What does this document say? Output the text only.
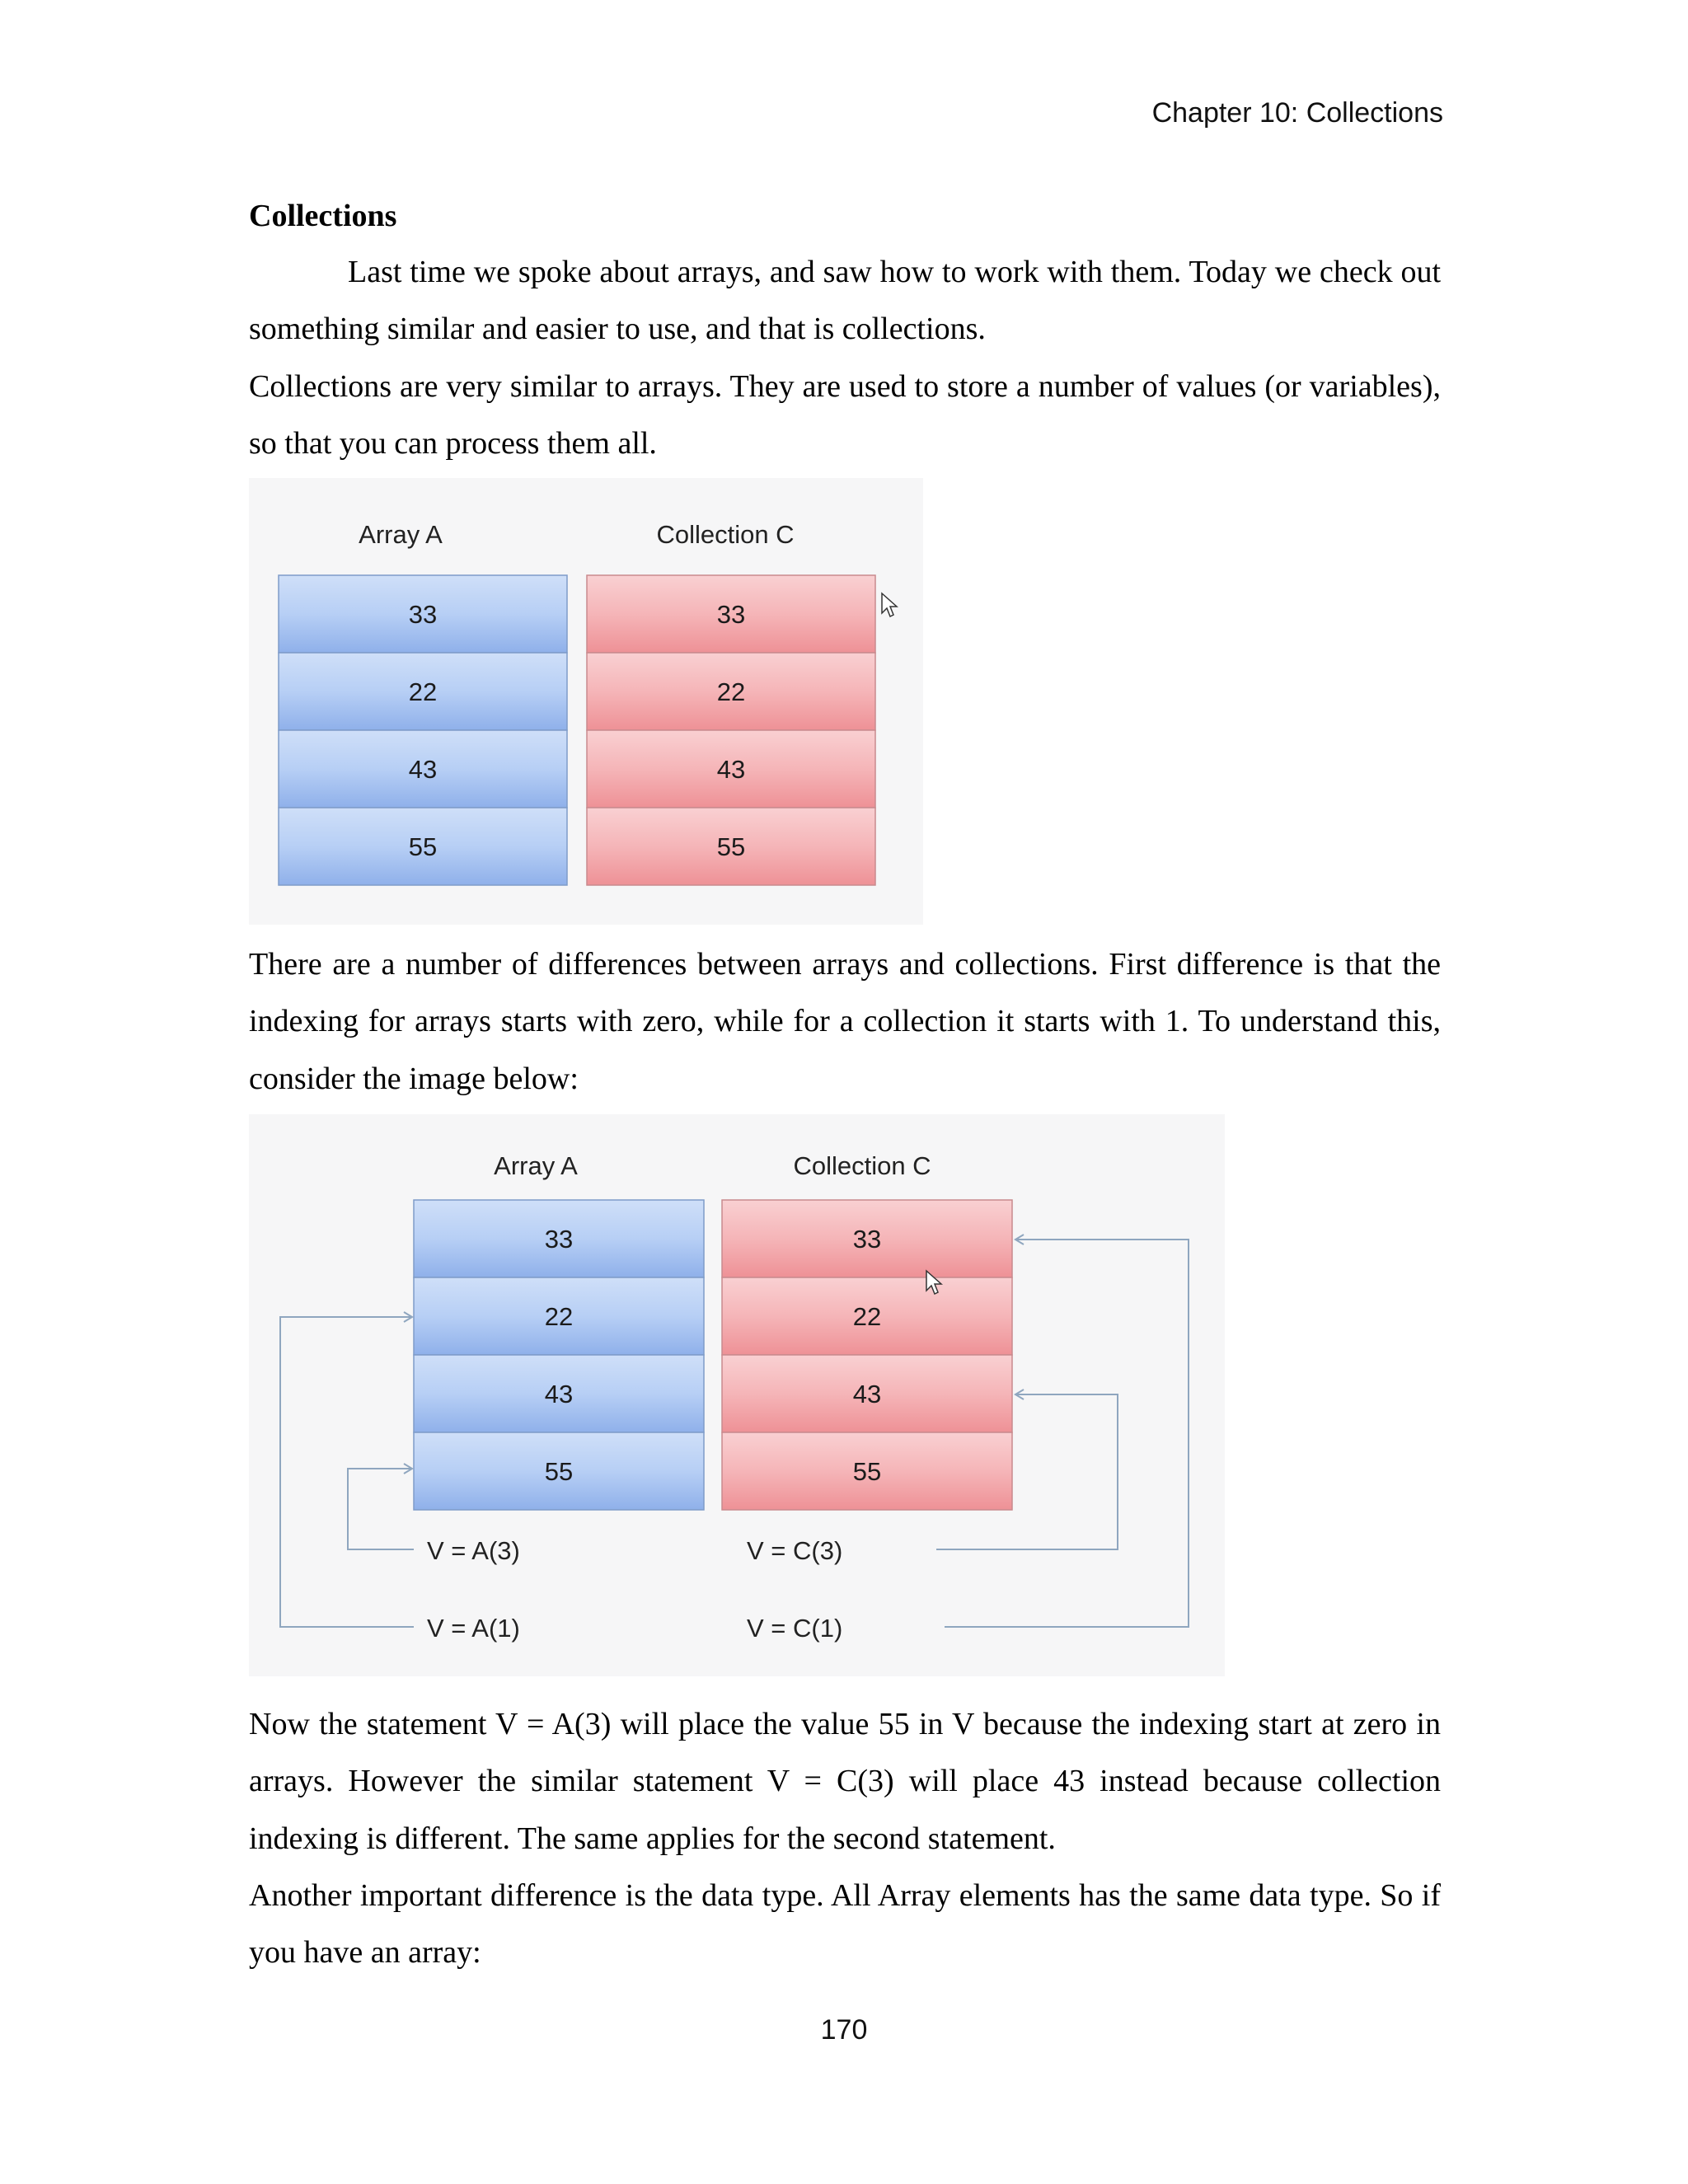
Chapter 10: Collections
Collections

Last time we spoke about arrays, and saw how to work with them. Today we check out something similar and easier to use, and that is collections.

Collections are very similar to arrays. They are used to store a number of values (or variables), so that you can process them all.

Array A	Collection C
33
22
43
55
33
22
43
55

There are a number of differences between arrays and collections. First difference is that the indexing for arrays starts with zero, while for a collection it starts with 1. To understand this, consider the image below:

Array A	Collection C
33
22
43
55
33
22
43
55
V = A(3)	V = C(3)
V = A(1)	V = C(1)

Now the statement V = A(3) will place the value 55 in V because the indexing start at zero in arrays. However the similar statement V = C(3) will place 43 instead because collection indexing is different. The same applies for the second statement.

Another important difference is the data type. All Array elements has the same data type. So if you have an array:

170
